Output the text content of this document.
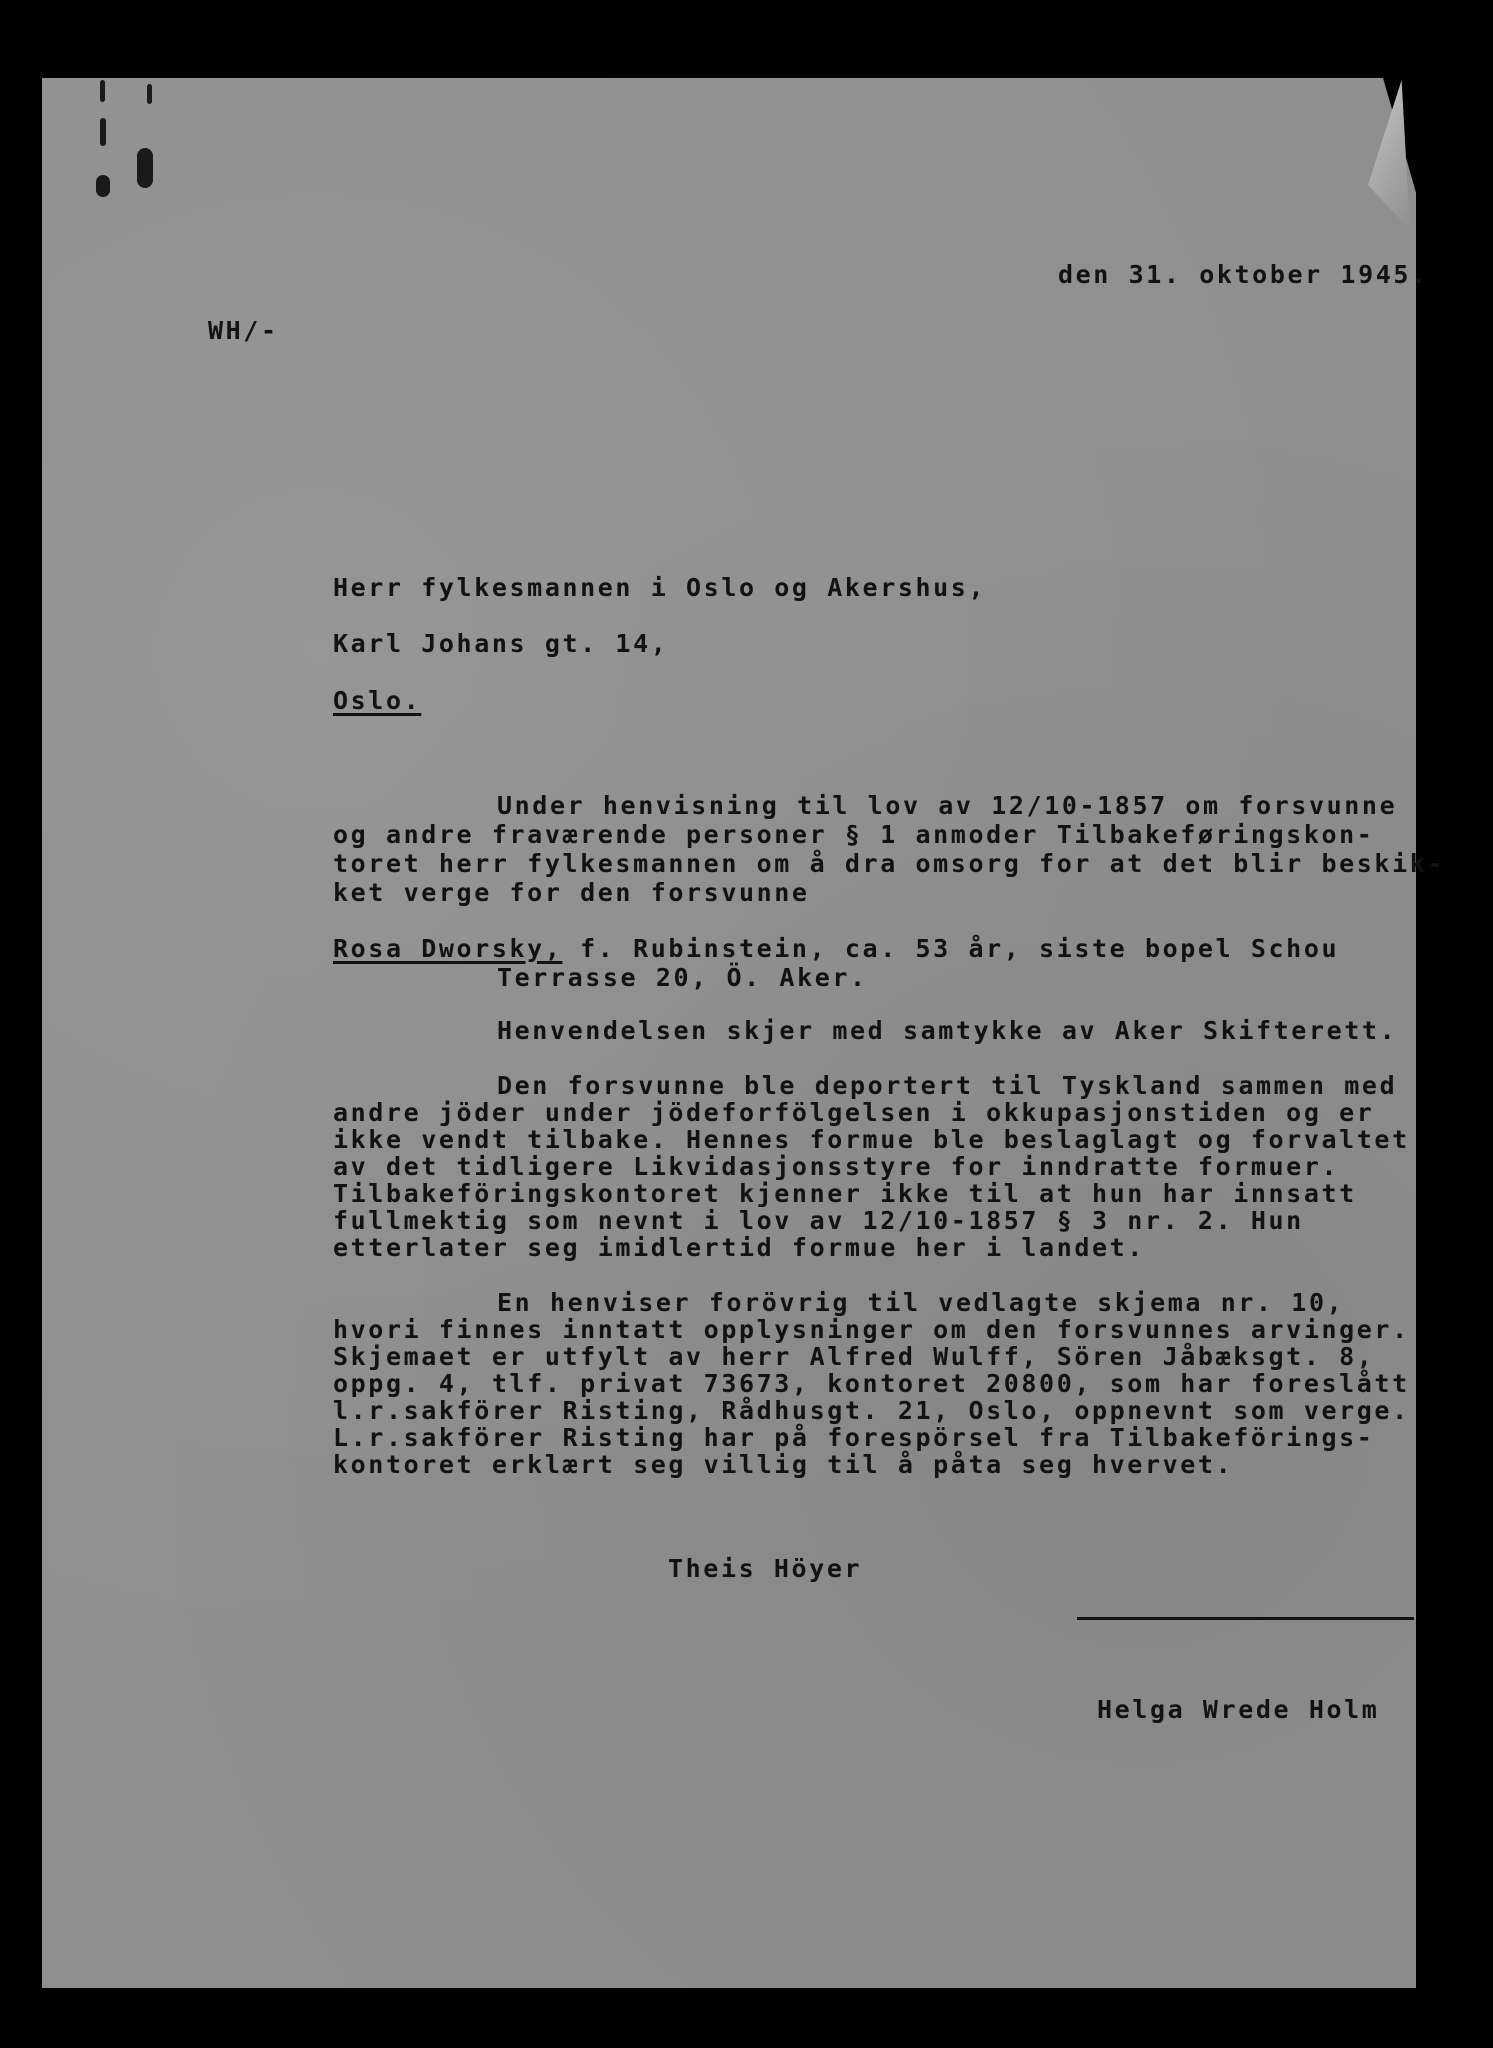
den 31. oktober 1945.
WH/-
Herr fylkesmannen i Oslo og Akershus,
Karl Johans gt. 14,
Oslo.
Under henvisning til lov av 12/10-1857 om forsvunne
og andre fraværende personer § 1 anmoder Tilbakeføringskon-
toret herr fylkesmannen om å dra omsorg for at det blir beskik-
ket verge for den forsvunne
Rosa Dworsky, f. Rubinstein, ca. 53 år, siste bopel Schou
Terrasse 20, Ö. Aker.
Henvendelsen skjer med samtykke av Aker Skifterett.
Den forsvunne ble deportert til Tyskland sammen med
andre jöder under jödeforfölgelsen i okkupasjonstiden og er
ikke vendt tilbake. Hennes formue ble beslaglagt og forvaltet
av det tidligere Likvidasjonsstyre for inndratte formuer.
Tilbakeföringskontoret kjenner ikke til at hun har innsatt
fullmektig som nevnt i lov av 12/10-1857 § 3 nr. 2. Hun
etterlater seg imidlertid formue her i landet.
En henviser forövrig til vedlagte skjema nr. 10,
hvori finnes inntatt opplysninger om den forsvunnes arvinger.
Skjemaet er utfylt av herr Alfred Wulff, Sören Jåbæksgt. 8,
oppg. 4, tlf. privat 73673, kontoret 20800, som har foreslått
l.r.sakförer Risting, Rådhusgt. 21, Oslo, oppnevnt som verge.
L.r.sakförer Risting har på forespörsel fra Tilbakeförings-
kontoret erklært seg villig til å påta seg hvervet.
Theis Höyer
Helga Wrede Holm
